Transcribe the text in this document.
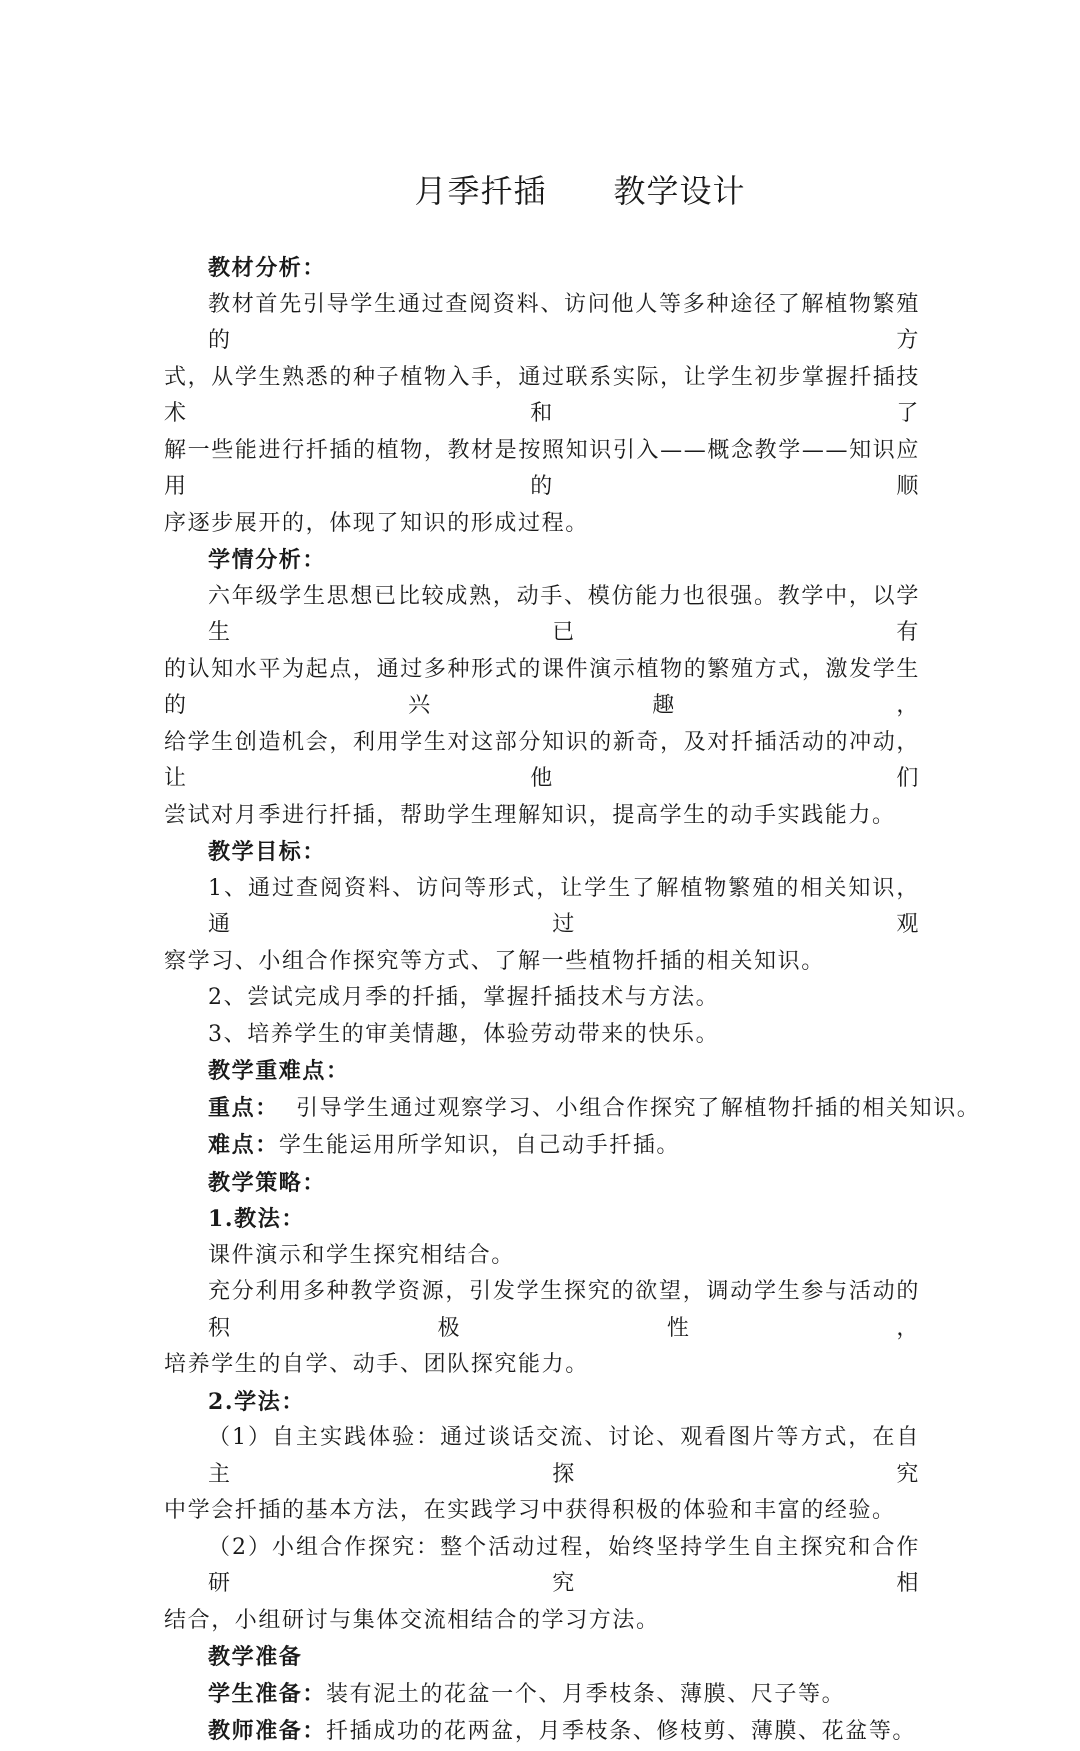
月季扦插      教学设计
教材分析：
教材首先引导学生通过查阅资料、访问他人等多种途径了解植物繁殖的方
式，从学生熟悉的种子植物入手，通过联系实际，让学生初步掌握扦插技术和了
解一些能进行扦插的植物，教材是按照知识引入——概念教学——知识应用的顺
序逐步展开的，体现了知识的形成过程。
学情分析：
六年级学生思想已比较成熟，动手、模仿能力也很强。教学中，以学生已有
的认知水平为起点，通过多种形式的课件演示植物的繁殖方式，激发学生的兴趣，
给学生创造机会，利用学生对这部分知识的新奇，及对扦插活动的冲动，让他们
尝试对月季进行扦插，帮助学生理解知识，提高学生的动手实践能力。
教学目标：
1、通过查阅资料、访问等形式，让学生了解植物繁殖的相关知识，通过观
察学习、小组合作探究等方式、了解一些植物扦插的相关知识。
2、尝试完成月季的扦插，掌握扦插技术与方法。
3、培养学生的审美情趣，体验劳动带来的快乐。
教学重难点：
重点：  引导学生通过观察学习、小组合作探究了解植物扦插的相关知识。
难点：学生能运用所学知识，自己动手扦插。
教学策略：
1.教法：
课件演示和学生探究相结合。
充分利用多种教学资源，引发学生探究的欲望，调动学生参与活动的积极性，
培养学生的自学、动手、团队探究能力。
2.学法：
（1）自主实践体验：通过谈话交流、讨论、观看图片等方式，在自主探究
中学会扦插的基本方法，在实践学习中获得积极的体验和丰富的经验。
（2）小组合作探究：整个活动过程，始终坚持学生自主探究和合作研究相
结合，小组研讨与集体交流相结合的学习方法。
教学准备
学生准备：装有泥土的花盆一个、月季枝条、薄膜、尺子等。
教师准备：扦插成功的花两盆，月季枝条、修枝剪、薄膜、花盆等。
